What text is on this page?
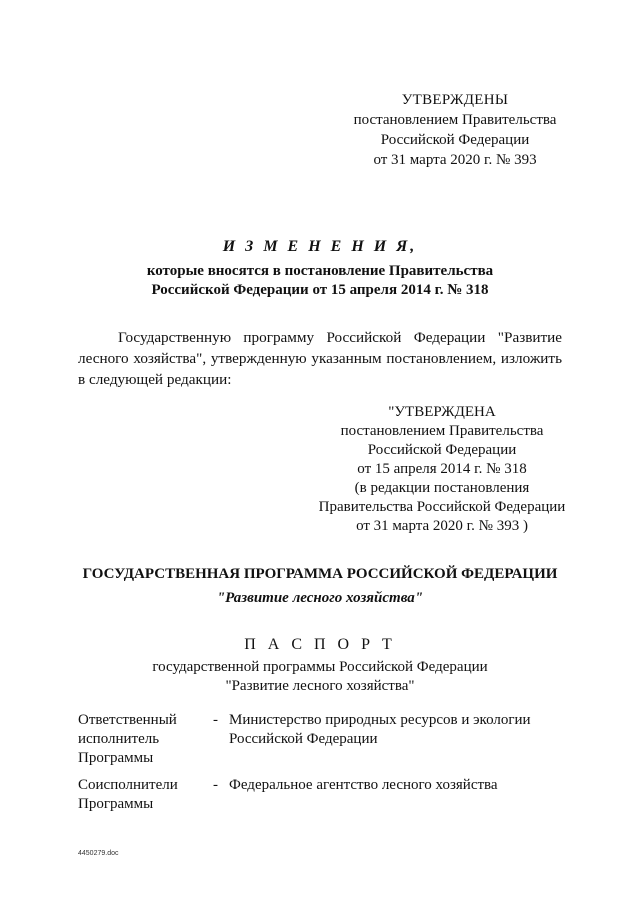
УТВЕРЖДЕНЫ
постановлением Правительства
Российской Федерации
от 31 марта 2020 г. № 393
И З М Е Н Е Н И Я,
которые вносятся в постановление Правительства
Российской Федерации от 15 апреля 2014 г. № 318
Государственную программу Российской Федерации "Развитие
лесного хозяйства", утвержденную указанным постановлением, изложить
в следующей редакции:
"УТВЕРЖДЕНА
постановлением Правительства
Российской Федерации
от 15 апреля 2014 г. № 318
(в редакции постановления
Правительства Российской Федерации
от 31 марта 2020 г. № 393 )
ГОСУДАРСТВЕННАЯ ПРОГРАММА РОССИЙСКОЙ ФЕДЕРАЦИИ
"Развитие лесного хозяйства"
П А С П О Р Т
государственной программы Российской Федерации
"Развитие лесного хозяйства"
Ответственный
исполнитель
Программы
- Министерство природных ресурсов и экологии
Российской Федерации
Соисполнители
Программы
- Федеральное агентство лесного хозяйства
4450279.doc
